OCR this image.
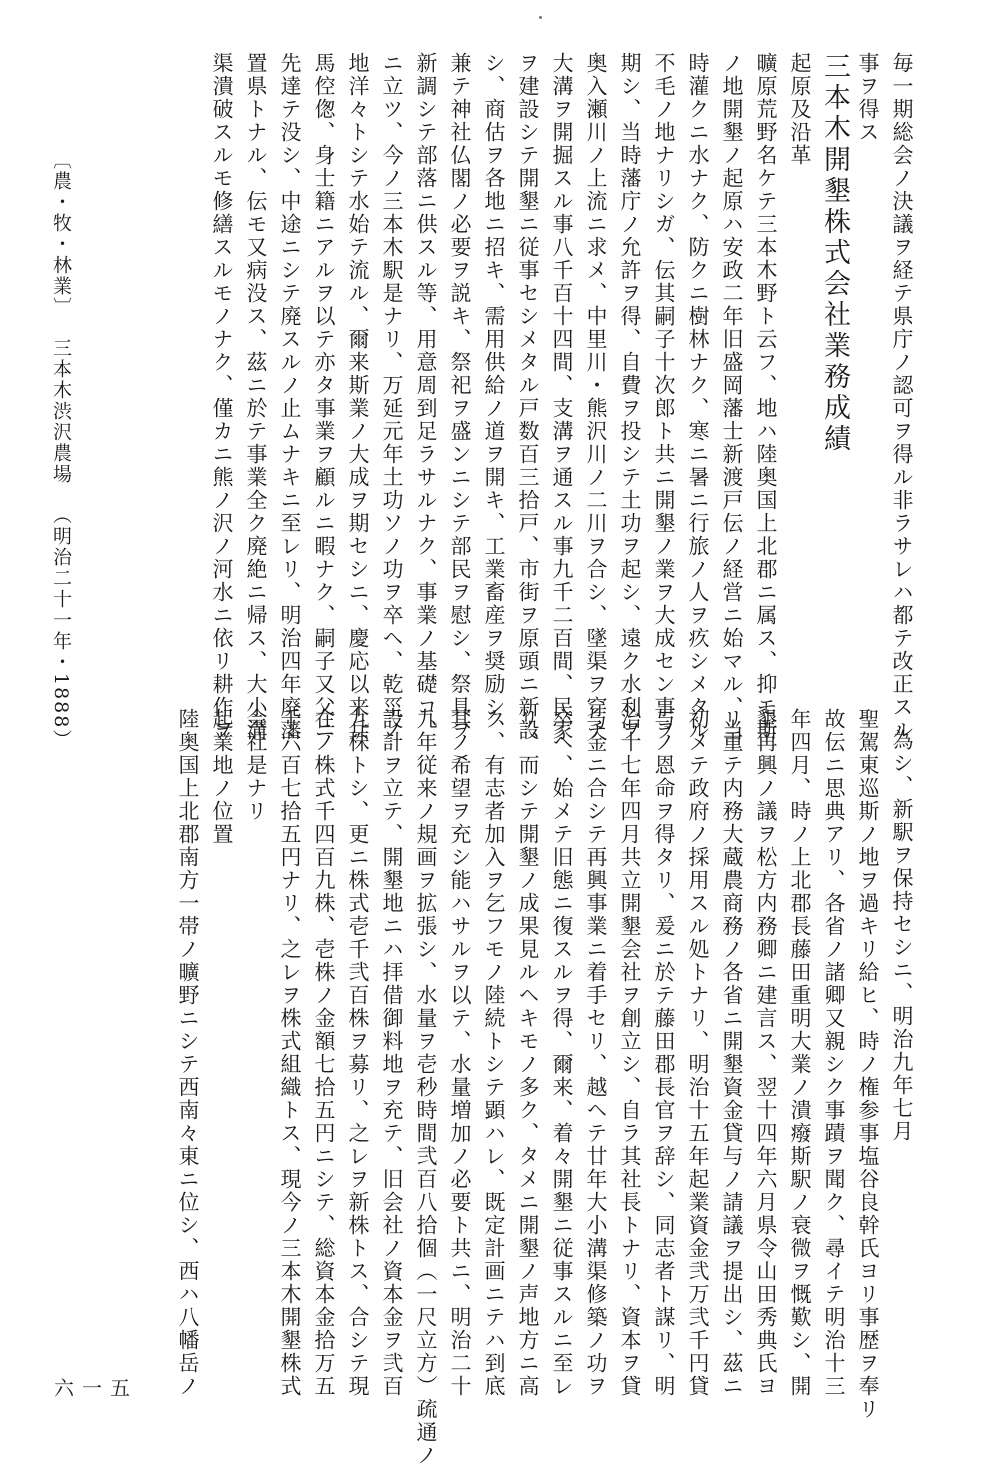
毎一期総会ノ決議ヲ経テ県庁ノ認可ヲ得ル非ラサレハ都テ改正スル

事ヲ得ス

三本木開墾株式会社業務成績

起原及沿革

曠原荒野名ケテ三本木野ト云フ、地ハ陸奥国上北郡ニ属ス、抑モ斯

ノ地開墾ノ起原ハ安政二年旧盛岡藩士新渡戸伝ノ経営ニ始マル、当

時灌クニ水ナク、防クニ樹林ナク、寒ニ暑ニ行旅ノ人ヲ疚シメタル

不毛ノ地ナリシガ、伝其嗣子十次郎ト共ニ開墾ノ業ヲ大成セン事ヲ

期シ、当時藩庁ノ允許ヲ得、自費ヲ投シテ土功ヲ起シ、遠ク水利ヲ

奥入瀬川ノ上流ニ求メ、中里川・熊沢川ノ二川ヲ合シ、墜渠ヲ穿チ

大溝ヲ開掘スル事八千百十四間、支溝ヲ通スル事九千二百間、民家

ヲ建設シテ開墾ニ従事セシメタル戸数百三拾戸、市街ヲ原頭ニ新設

シ、商估ヲ各地ニ招キ、需用供給ノ道ヲ開キ、工業畜産ヲ奨励シ、

兼テ神社仏閣ノ必要ヲ説キ、祭祀ヲ盛ンニシテ部民ヲ慰シ、祭具ヲ

新調シテ部落ニ供スル等、用意周到足ラサルナク、事業ノ基礎コ、

ニ立ツ、今ノ三本木駅是ナリ、万延元年土功ソノ功ヲ卒ヘ、乾坙ノ

地洋々トシテ水始テ流ル、爾来斯業ノ大成ヲ期セシニ、慶応以来兵

馬倥偬、身士籍ニアルヲ以テ亦タ事業ヲ顧ルニ暇ナク、嗣子又父ニ

先達テ没シ、中途ニシテ廃スルノ止ムナキニ至レリ、明治四年廃藩

置県トナル、伝モ又病没ス、茲ニ於テ事業全ク廃絶ニ帰ス、大小溝

渠潰破スルモ修繕スルモノナク、僅カニ熊ノ沢ノ河水ニ依リ耕作ヲ

為シ、新駅ヲ保持セシニ、明治九年七月

聖駕東巡斯ノ地ヲ過キリ給ヒ、時ノ権参事塩谷良幹氏ヨリ事歴ヲ奉リ

故伝ニ思典アリ、各省ノ諸卿又親シク事蹟ヲ聞ク、尋イテ明治十三

年四月、時ノ上北郡長藤田重明大業ノ潰癈斯駅ノ衰微ヲ慨歎シ、開

墾再興ノ議ヲ松方内務卿ニ建言ス、翌十四年六月県令山田秀典氏ヨ

リ重テ内務大蔵農商務ノ各省ニ開墾資金貸与ノ請議ヲ提出シ、茲ニ

初メテ政府ノ採用スル処トナリ、明治十五年起業資金弐万弐千円貸

与ノ恩命ヲ得タリ、爰ニ於テ藤田郡長官ヲ辞シ、同志者ト謀リ、明

治十七年四月共立開墾会社ヲ創立シ、自ラ其社長トナリ、資本ヲ貸

与金ニ合シテ再興事業ニ着手セリ、越ヘテ廿年大小溝渠修築ノ功ヲ

卒ヘ、始メテ旧態ニ復スルヲ得、爾来、着々開墾ニ従事スルニ至レ

リ、而シテ開墾ノ成果見ルヘキモノ多ク、タメニ開墾ノ声地方ニ高

ク、有志者加入ヲ乞フモノ陸続トシテ顕ハレ、既定計画ニテハ到底

其ノ希望ヲ充シ能ハサルヲ以テ、水量増加ノ必要ト共ニ、明治二十

九年従来ノ規画ヲ拡張シ、水量ヲ壱秒時間弐百八拾個（一尺立方）疏通ノ

設計ヲ立テ、開墾地ニハ拝借御料地ヲ充テ、旧会社ノ資本金ヲ弐百

九株トシ、更ニ株式壱千弐百株ヲ募リ、之レヲ新株トス、合シテ現

在ノ株式千四百九株、壱株ノ金額七拾五円ニシテ、総資本金拾万五

千六百七拾五円ナリ、之レヲ株式組織トス、現今ノ三本木開墾株式

会社是ナリ

起業地ノ位置

陸奥国上北郡南方一帯ノ曠野ニシテ西南々東ニ位シ、西ハ八幡岳ノ

〔農・牧・林業〕三本木渋沢農場（明治二十一年・1888）
六一五
